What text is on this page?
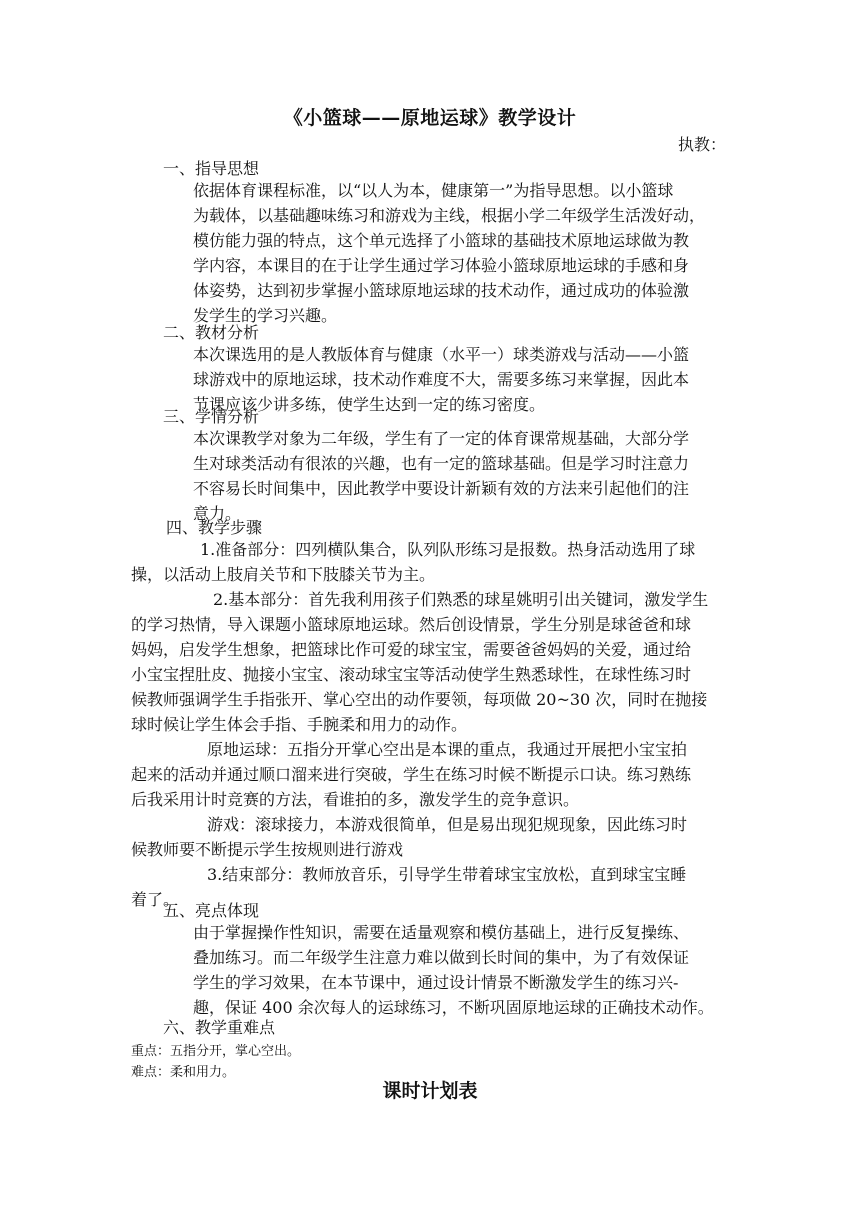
《小篮球——原地运球》教学设计
执教：
一、指导思想
依据体育课程标准，以“以人为本，健康第一”为指导思想。以小篮球
为载体，以基础趣味练习和游戏为主线，根据小学二年级学生活泼好动，
模仿能力强的特点，这个单元选择了小篮球的基础技术原地运球做为教
学内容，本课目的在于让学生通过学习体验小篮球原地运球的手感和身
体姿势，达到初步掌握小篮球原地运球的技术动作，通过成功的体验激
发学生的学习兴趣。
二、教材分析
本次课选用的是人教版体育与健康（水平一）球类游戏与活动——小篮
球游戏中的原地运球，技术动作难度不大，需要多练习来掌握，因此本
节课应该少讲多练，使学生达到一定的练习密度。
三、学情分析
本次课教学对象为二年级，学生有了一定的体育课常规基础，大部分学
生对球类活动有很浓的兴趣，也有一定的篮球基础。但是学习时注意力
不容易长时间集中，因此教学中要设计新颖有效的方法来引起他们的注
意力。
四、教学步骤
1.准备部分：四列横队集合，队列队形练习是报数。热身活动选用了球
操，以活动上肢肩关节和下肢膝关节为主。
2.基本部分：首先我利用孩子们熟悉的球星姚明引出关键词，激发学生
的学习热情，导入课题小篮球原地运球。然后创设情景，学生分别是球爸爸和球
妈妈，启发学生想象，把篮球比作可爱的球宝宝，需要爸爸妈妈的关爱，通过给
小宝宝捏肚皮、抛接小宝宝、滚动球宝宝等活动使学生熟悉球性，在球性练习时
候教师强调学生手指张开、掌心空出的动作要领，每项做 20~30 次，同时在抛接
球时候让学生体会手指、手腕柔和用力的动作。
原地运球：五指分开掌心空出是本课的重点，我通过开展把小宝宝拍
起来的活动并通过顺口溜来进行突破，学生在练习时候不断提示口诀。练习熟练
后我采用计时竞赛的方法，看谁拍的多，激发学生的竞争意识。
游戏：滚球接力，本游戏很简单，但是易出现犯规现象，因此练习时
候教师要不断提示学生按规则进行游戏
3.结束部分：教师放音乐，引导学生带着球宝宝放松，直到球宝宝睡
着了。
五、亮点体现
由于掌握操作性知识，需要在适量观察和模仿基础上，进行反复操练、
叠加练习。而二年级学生注意力难以做到长时间的集中，为了有效保证
学生的学习效果，在本节课中，通过设计情景不断激发学生的练习兴-
趣，保证 400 余次每人的运球练习，不断巩固原地运球的正确技术动作。
六、教学重难点
重点：五指分开，掌心空出。
难点：柔和用力。
课时计划表
